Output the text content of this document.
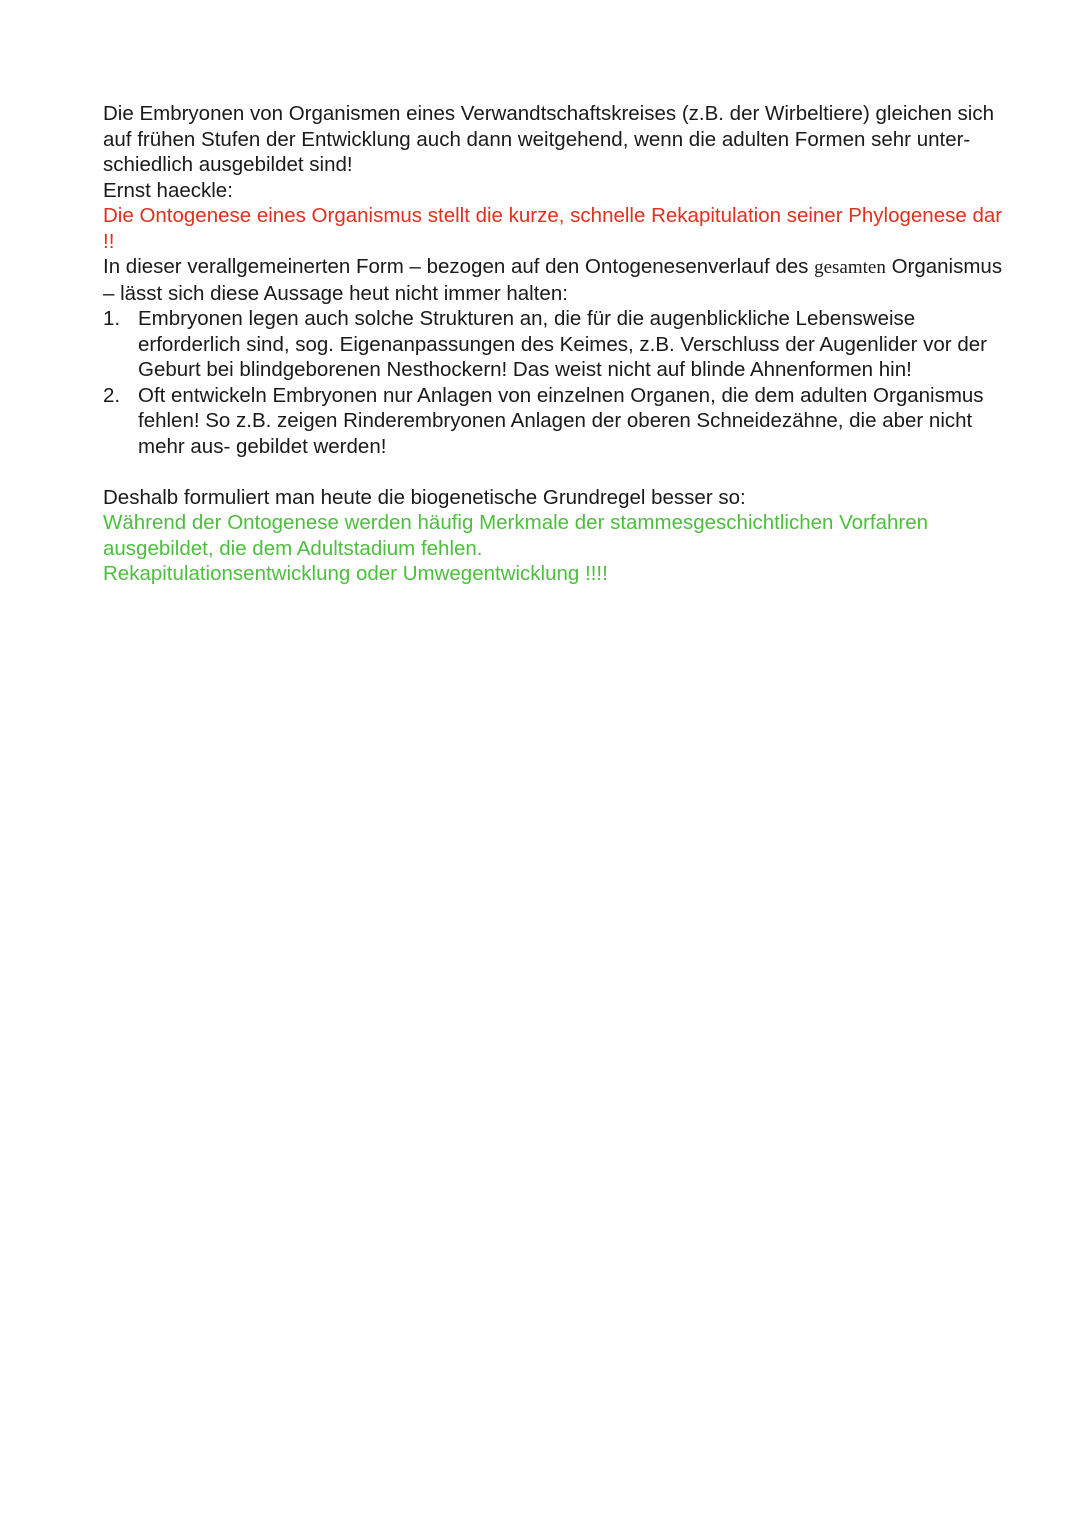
Die Embryonen von Organismen eines Verwandtschaftskreises (z.B. der Wirbeltiere) gleichen sich auf frühen Stufen der Entwicklung auch dann weitgehend, wenn die adulten Formen sehr unter- schiedlich ausgebildet sind!
Ernst haeckle:
Die Ontogenese eines Organismus stellt die kurze, schnelle Rekapitulation seiner Phylogenese dar !!
In dieser verallgemeinerten Form – bezogen auf den Ontogenesenverlauf des gesamten Organismus – lässt sich diese Aussage heut nicht immer halten:
1. Embryonen legen auch solche Strukturen an, die für die augenblickliche Lebensweise erforderlich sind, sog. Eigenanpassungen des Keimes, z.B. Verschluss der Augenlider vor der Geburt bei blindgeborenen Nesthockern! Das weist nicht auf blinde Ahnenformen hin!
2. Oft entwickeln Embryonen nur Anlagen von einzelnen Organen, die dem adulten Organismus fehlen! So z.B. zeigen Rinderembryonen Anlagen der oberen Schneidezähne, die aber nicht mehr aus- gebildet werden!
Deshalb formuliert man heute die biogenetische Grundregel besser so:
Während der Ontogenese werden häufig Merkmale der stammesgeschichtlichen Vorfahren ausgebildet, die dem Adultstadium fehlen.
Rekapitulationsentwicklung oder Umwegentwicklung !!!!
